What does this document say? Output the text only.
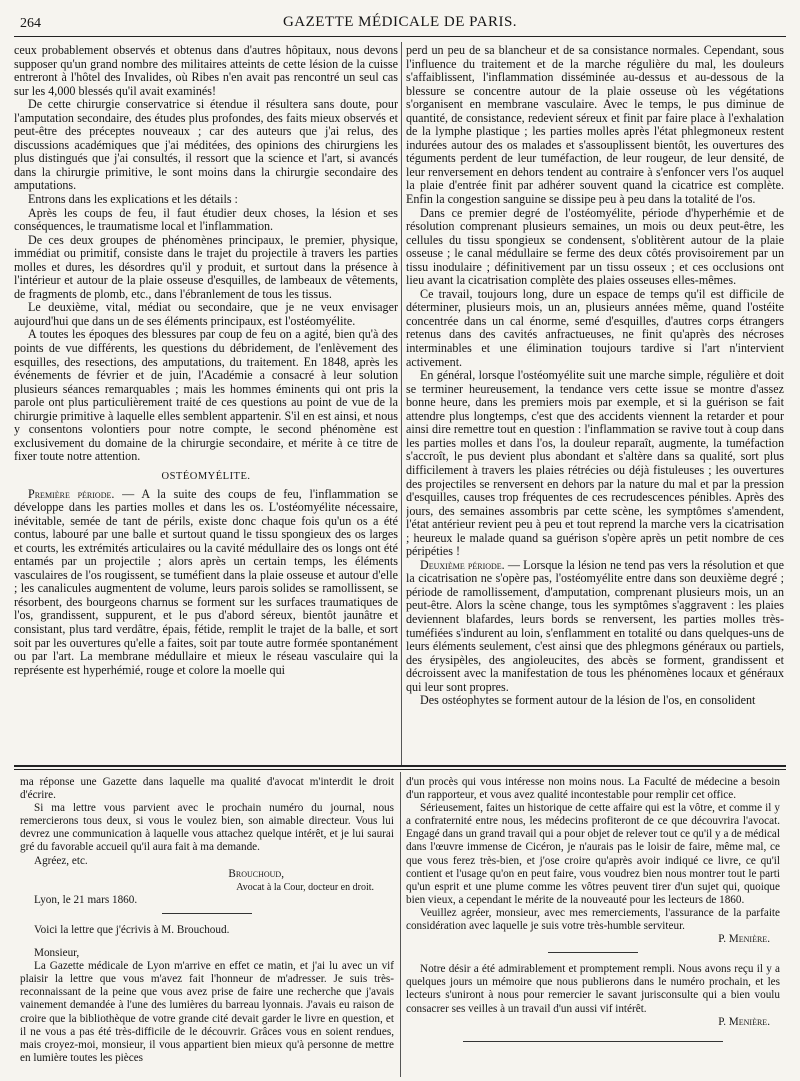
264	GAZETTE MÉDICALE DE PARIS.

ceux probablement observés et obtenus dans d'autres hôpitaux, nous devons supposer qu'un grand nombre des militaires atteints de cette lésion de la cuisse entreront à l'hôtel des Invalides, où Ribes n'en avait pas rencontré un seul cas sur les 4,000 blessés qu'il avait examinés!

De cette chirurgie conservatrice si étendue il résultera sans doute, pour l'amputation secondaire, des études plus profondes, des faits mieux observés et peut-être des préceptes nouveaux ; car des auteurs que j'ai relus, des discussions académiques que j'ai méditées, des opinions des chirurgiens les plus distingués que j'ai consultés, il ressort que la science et l'art, si avancés dans la chirurgie primitive, le sont moins dans la chirurgie secondaire des amputations.

Entrons dans les explications et les détails :

Après les coups de feu, il faut étudier deux choses, la lésion et ses conséquences, le traumatisme local et l'inflammation.

De ces deux groupes de phénomènes principaux, le premier, physique, immédiat ou primitif, consiste dans le trajet du projectile à travers les parties molles et dures, les désordres qu'il y produit, et surtout dans la présence à l'intérieur et autour de la plaie osseuse d'esquilles, de lambeaux de vêtements, de fragments de plomb, etc., dans l'ébranlement de tous les tissus.

Le deuxième, vital, médiat ou secondaire, que je ne veux envisager aujourd'hui que dans un de ses éléments principaux, est l'ostéomyélite.

A toutes les époques des blessures par coup de feu on a agité, bien qu'à des points de vue différents, les questions du débridement, de l'enlèvement des esquilles, des resections, des amputations, du traitement. En 1848, après les événements de février et de juin, l'Académie a consacré à leur solution plusieurs séances remarquables ; mais les hommes éminents qui ont pris la parole ont plus particulièrement traité de ces questions au point de vue de la chirurgie primitive à laquelle elles semblent appartenir. S'il en est ainsi, et nous y consentons volontiers pour notre compte, le second phénomène est exclusivement du domaine de la chirurgie secondaire, et mérite à ce titre de fixer toute notre attention.

OSTÉOMYÉLITE.

Première période. — A la suite des coups de feu, l'inflammation se développe dans les parties molles et dans les os. L'ostéomyélite nécessaire, inévitable, semée de tant de périls, existe donc chaque fois qu'un os a été contus, labouré par une balle et surtout quand le tissu spongieux des os larges et courts, les extrémités articulaires ou la cavité médullaire des os longs ont été entamés par un projectile ; alors après un certain temps, les éléments vasculaires de l'os rougissent, se tuméfient dans la plaie osseuse et autour d'elle ; les canalicules augmentent de volume, leurs parois solides se ramollissent, se résorbent, des bourgeons charnus se forment sur les surfaces traumatiques de l'os, grandissent, suppurent, et le pus d'abord séreux, bientôt jaunâtre et consistant, plus tard verdâtre, épais, fétide, remplit le trajet de la balle, et sort soit par les ouvertures qu'elle a faites, soit par toute autre formée spontanément ou par l'art. La membrane médullaire et mieux le réseau vasculaire qui la représente est hyperhémié, rouge et colore la moelle qui

perd un peu de sa blancheur et de sa consistance normales. Cependant, sous l'influence du traitement et de la marche régulière du mal, les douleurs s'affaiblissent, l'inflammation disséminée au-dessus et au-dessous de la blessure se concentre autour de la plaie osseuse où les végétations s'organisent en membrane vasculaire. Avec le temps, le pus diminue de quantité, de consistance, redevient séreux et finit par faire place à l'exhalation de la lymphe plastique ; les parties molles après l'état phlegmoneux restent indurées autour des os malades et s'assouplissent bientôt, les ouvertures des téguments perdent de leur tuméfaction, de leur rougeur, de leur densité, de leur renversement en dehors tendent au contraire à s'enfoncer vers l'os auquel la plaie d'entrée finit par adhérer souvent quand la cicatrice est complète. Enfin la congestion sanguine se dissipe peu à peu dans la totalité de l'os.

Dans ce premier degré de l'ostéomyélite, période d'hyperhémie et de résolution comprenant plusieurs semaines, un mois ou deux peut-être, les cellules du tissu spongieux se condensent, s'oblitèrent autour de la plaie osseuse ; le canal médullaire se ferme des deux côtés provisoirement par un tissu inodulaire ; définitivement par un tissu osseux ; et ces occlusions ont lieu avant la cicatrisation complète des plaies osseuses elles-mêmes.

Ce travail, toujours long, dure un espace de temps qu'il est difficile de déterminer, plusieurs mois, un an, plusieurs années même, quand l'ostéite concentrée dans un cal énorme, semé d'esquilles, d'autres corps étrangers retenus dans des cavités anfractueuses, ne finit qu'après des nécroses interminables et une élimination toujours tardive si l'art n'intervient activement.

En général, lorsque l'ostéomyélite suit une marche simple, régulière et doit se terminer heureusement, la tendance vers cette issue se montre d'assez bonne heure, dans les premiers mois par exemple, et si la guérison se fait attendre plus longtemps, c'est que des accidents viennent la retarder et pour ainsi dire remettre tout en question : l'inflammation se ravive tout à coup dans les parties molles et dans l'os, la douleur reparaît, augmente, la tuméfaction s'accroît, le pus devient plus abondant et s'altère dans sa qualité, sort plus difficilement à travers les plaies rétrécies ou déjà fistuleuses ; les ouvertures des projectiles se renversent en dehors par la nature du mal et par la pression d'esquilles, causes trop fréquentes de ces recrudescences pénibles. Après des jours, des semaines assombris par cette scène, les symptômes s'amendent, l'état antérieur revient peu à peu et tout reprend la marche vers la cicatrisation ; heureux le malade quand sa guérison s'opère après un petit nombre de ces péripéties !

Deuxième période. — Lorsque la lésion ne tend pas vers la résolution et que la cicatrisation ne s'opère pas, l'ostéomyélite entre dans son deuxième degré ; période de ramollissement, d'amputation, comprenant plusieurs mois, un an peut-être. Alors la scène change, tous les symptômes s'aggravent : les plaies deviennent blafardes, leurs bords se renversent, les parties molles très-tuméfiées s'indurent au loin, s'enflamment en totalité ou dans quelques-uns de leurs éléments seulement, c'est ainsi que des phlegmons généraux ou partiels, des érysipèles, des angioleucites, des abcès se forment, grandissent et décroissent avec la manifestation de tous les phénomènes locaux et généraux qui leur sont propres.

Des ostéophytes se forment autour de la lésion de l'os, en consolident

ma réponse une Gazette dans laquelle ma qualité d'avocat m'interdit le droit d'écrire.

Si ma lettre vous parvient avec le prochain numéro du journal, nous remercierons tous deux, si vous le voulez bien, son aimable directeur. Vous lui devrez une communication à laquelle vous attachez quelque intérêt, et je lui saurai gré du favorable accueil qu'il aura fait à ma demande.

Agréez, etc.

Brouchoud,

Avocat à la Cour, docteur en droit.

Lyon, le 21 mars 1860.

Voici la lettre que j'écrivis à M. Brouchoud.

Monsieur,

La Gazette médicale de Lyon m'arrive en effet ce matin, et j'ai lu avec un vif plaisir la lettre que vous m'avez fait l'honneur de m'adresser. Je suis très-reconnaissant de la peine que vous avez prise de faire une recherche que j'avais vainement demandée à l'une des lumières du barreau lyonnais. J'avais eu raison de croire que la bibliothèque de votre grande cité devait garder le livre en question, et il ne vous a pas été très-difficile de le découvrir. Grâces vous en soient rendues, mais croyez-moi, monsieur, il vous appartient bien mieux qu'à personne de mettre en lumière toutes les pièces

d'un procès qui vous intéresse non moins nous. La Faculté de médecine a besoin d'un rapporteur, et vous avez qualité incontestable pour remplir cet office.

Sérieusement, faites un historique de cette affaire qui est la vôtre, et comme il y a confraternité entre nous, les médecins profiteront de ce que découvrira l'avocat. Engagé dans un grand travail qui a pour objet de relever tout ce qu'il y a de médical dans l'œuvre immense de Cicéron, je n'aurais pas le loisir de faire, même mal, ce que vous ferez très-bien, et j'ose croire qu'après avoir indiqué ce livre, ce qu'il contient et l'usage qu'on en peut faire, vous voudrez bien nous montrer tout le parti qu'un esprit et une plume comme les vôtres peuvent tirer d'un sujet qui, quoique bien vieux, a cependant le mérite de la nouveauté pour les lecteurs de 1860.

Veuillez agréer, monsieur, avec mes remerciements, l'assurance de la parfaite considération avec laquelle je suis votre très-humble serviteur.

P. Menière.

Notre désir a été admirablement et promptement rempli. Nous avons reçu il y a quelques jours un mémoire que nous publierons dans le numéro prochain, et les lecteurs s'uniront à nous pour remercier le savant jurisconsulte qui a bien voulu consacrer ses veilles à un travail d'un aussi vif intérêt.

P. Menière.
